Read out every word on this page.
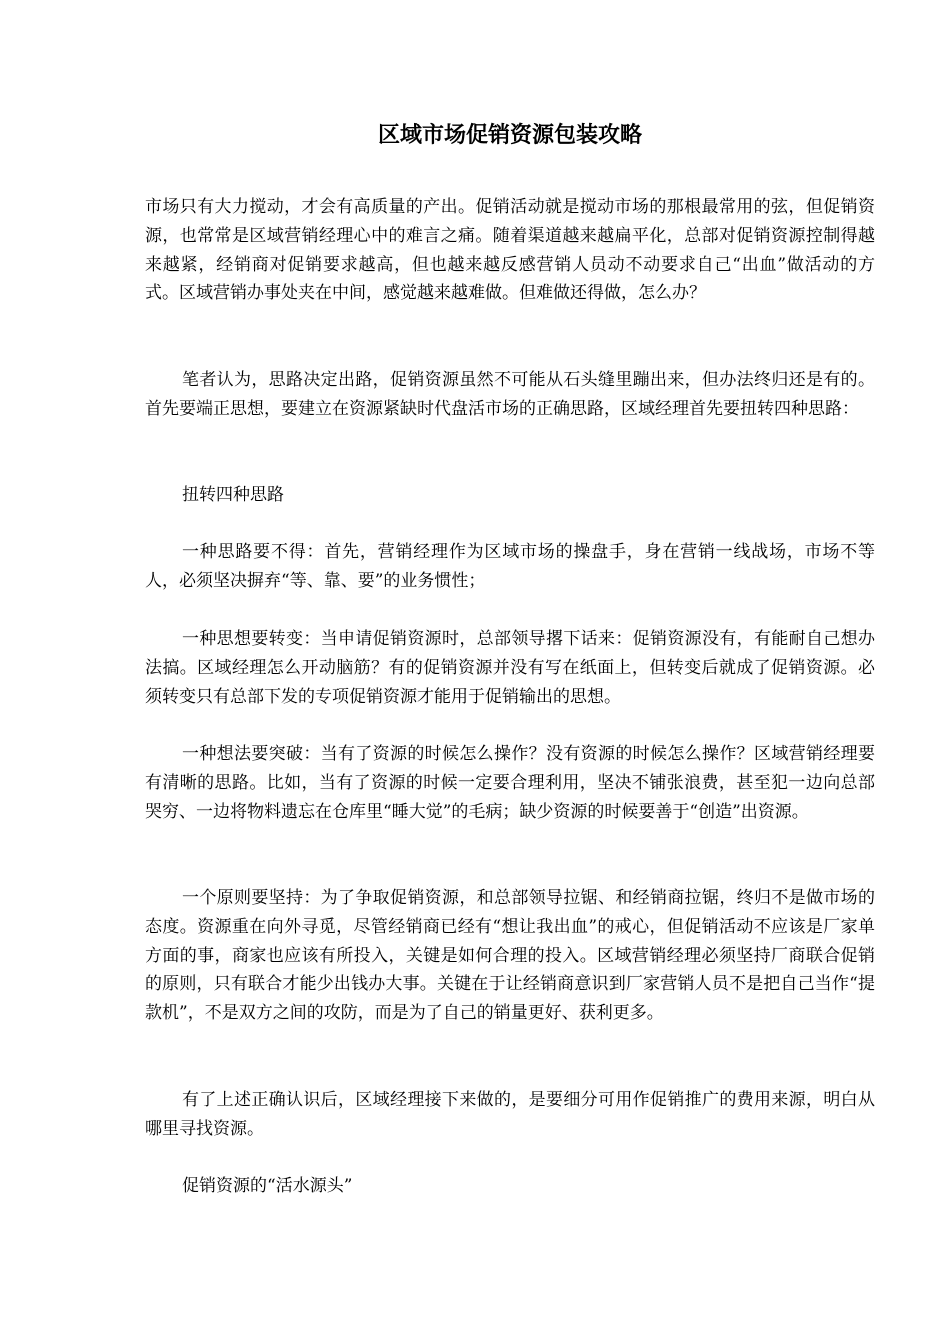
区域市场促销资源包装攻略

市场只有大力搅动，才会有高质量的产出。促销活动就是搅动市场的那根最常用的弦，但促销资源，也常常是区域营销经理心中的难言之痛。随着渠道越来越扁平化，总部对促销资源控制得越来越紧，经销商对促销要求越高，但也越来越反感营销人员动不动要求自己“出血”做活动的方式。区域营销办事处夹在中间，感觉越来越难做。但难做还得做，怎么办？

笔者认为，思路决定出路，促销资源虽然不可能从石头缝里蹦出来，但办法终归还是有的。首先要端正思想，要建立在资源紧缺时代盘活市场的正确思路，区域经理首先要扭转四种思路：

扭转四种思路

一种思路要不得：首先，营销经理作为区域市场的操盘手，身在营销一线战场，市场不等人，必须坚决摒弃“等、靠、要”的业务惯性；

一种思想要转变：当申请促销资源时，总部领导撂下话来：促销资源没有，有能耐自己想办法搞。区域经理怎么开动脑筋？有的促销资源并没有写在纸面上，但转变后就成了促销资源。必须转变只有总部下发的专项促销资源才能用于促销输出的思想。

一种想法要突破：当有了资源的时候怎么操作？没有资源的时候怎么操作？区域营销经理要有清晰的思路。比如，当有了资源的时候一定要合理利用，坚决不铺张浪费，甚至犯一边向总部哭穷、一边将物料遗忘在仓库里“睡大觉”的毛病；缺少资源的时候要善于“创造”出资源。

一个原则要坚持：为了争取促销资源，和总部领导拉锯、和经销商拉锯，终归不是做市场的态度。资源重在向外寻觅，尽管经销商已经有“想让我出血”的戒心，但促销活动不应该是厂家单方面的事，商家也应该有所投入，关键是如何合理的投入。区域营销经理必须坚持厂商联合促销的原则，只有联合才能少出钱办大事。关键在于让经销商意识到厂家营销人员不是把自己当作“提款机”，不是双方之间的攻防，而是为了自己的销量更好、获利更多。

有了上述正确认识后，区域经理接下来做的，是要细分可用作促销推广的费用来源，明白从哪里寻找资源。

促销资源的“活水源头”
